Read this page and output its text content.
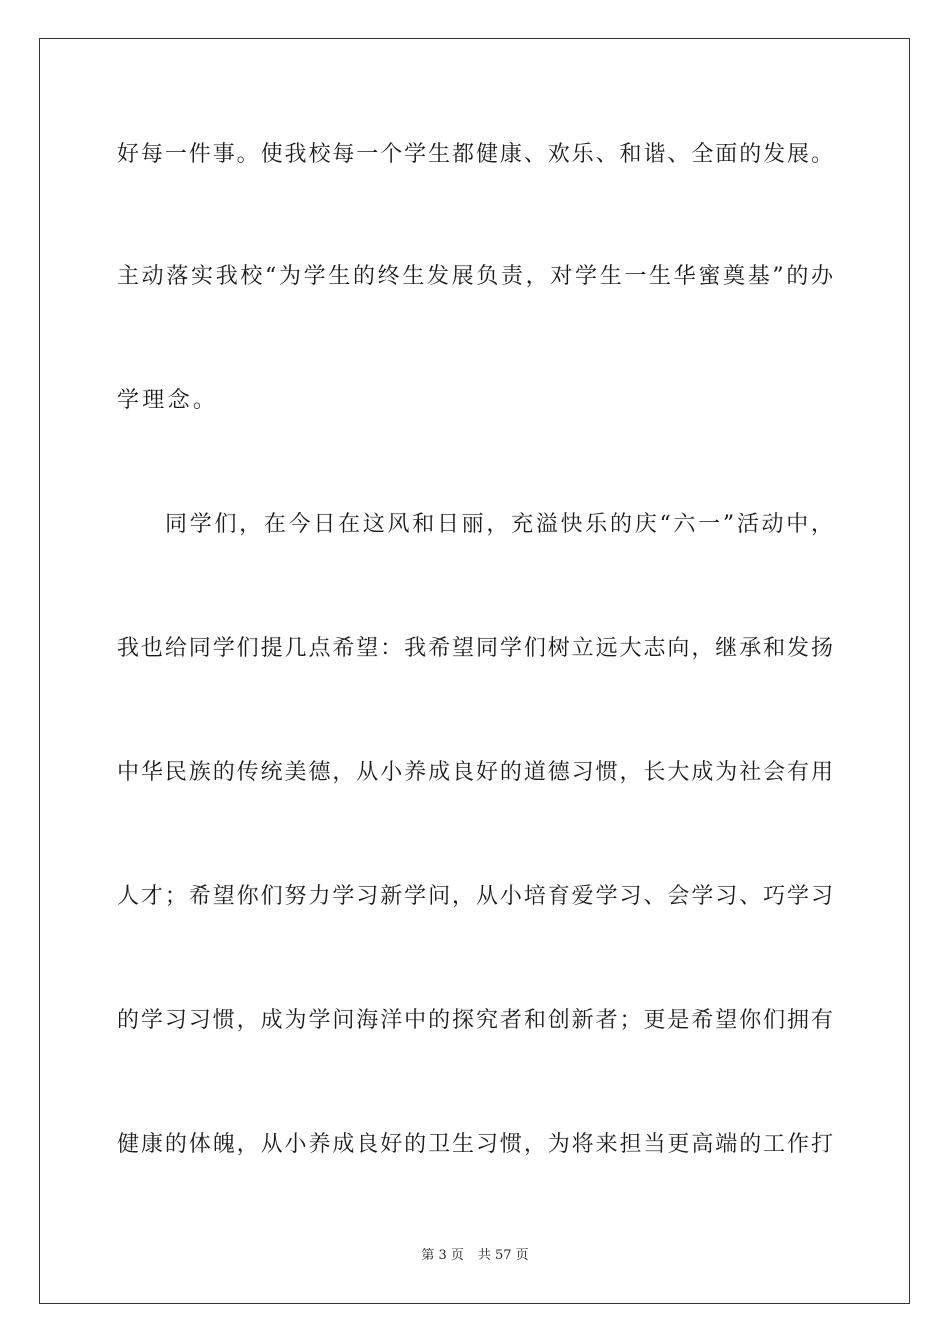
好每一件事。使我校每一个学生都健康、欢乐、和谐、全面的发展。
主动落实我校“为学生的终生发展负责，对学生一生华蜜奠基”的办
学理念。
同学们，在今日在这风和日丽，充溢快乐的庆“六一”活动中，
我也给同学们提几点希望：我希望同学们树立远大志向，继承和发扬
中华民族的传统美德，从小养成良好的道德习惯，长大成为社会有用
人才；希望你们努力学习新学问，从小培育爱学习、会学习、巧学习
的学习习惯，成为学问海洋中的探究者和创新者；更是希望你们拥有
健康的体魄，从小养成良好的卫生习惯，为将来担当更高端的工作打
第 3 页 共 57 页
